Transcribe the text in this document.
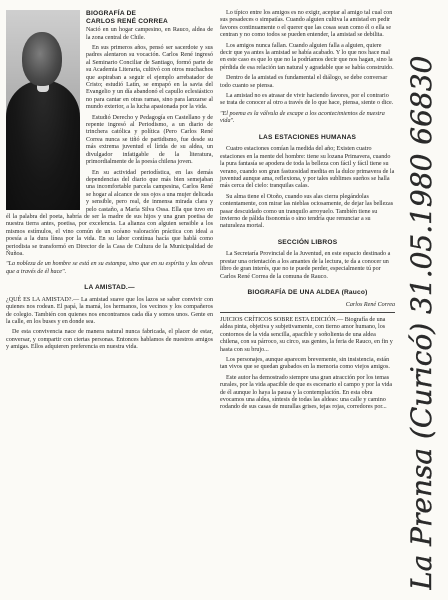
BIOGRAFÍA DE
CARLOS RENÉ CORREA

Nació en un hogar campesino, en Rauco, aldea de la zona central de Chile.

En sus primeros años, pensó ser sacerdote y sus padres alentaron su vocación. Carlos René ingresó al Seminario Conciliar de Santiago, formó parte de su Academia Literaria, cultivó con otros muchachos que aspiraban a seguir el ejemplo arrebatador de Cristo; estudió Latín, se empapó en la savia del Evangelio y un día abandonó el capullo eclesiástico no para cantar en otras ramas, sino para lanzarse al mundo exterior, a la lucha apasionada por la vida.

Estudió Derecho y Pedagogía en Castellano y de repente ingresó al Periodismo, a un diario de trinchera católica y política (Pero Carlos René Correa nunca se tiñó de partidismo, fue desde su más extrema juventud el lírida de su aldea, un divulgador infatigable de la literatura, primordialmente de la poesía chilena joven.

En su actividad periodística, en las demás dependencias del diario que más bien semejaban una incomfortable parcela campesina, Carlos René se hogar al alcance de sus ojos a una mujer delicada y sensible, pero real, de inmensa mirada clara y pelo castaño, a María Silva Ossa. Ella que tuvo en él la palabra del poeta, habría de ser la madre de sus hijos y una gran poetisa de nuestra tierra antes, poetisa, por excelencia. La alianza con alguien sensible a los mismos estímulos, el vino común de un océano valoración práctica con ideal a poesía a la dura línea por la vida. En su labor contínua hacía que hablá como periodista se transformó en Director de la Casa de Cultura de la Municipalidad de Ñuñoa.

"La nobleza de un hombre se está en su estampa, sino que en su espíritu y las obras que a través de él hace".

LA AMISTAD.—

¿QUÉ ES LA AMISTAD?.— La amistad suave que los lazos se saber convivir con quienes nos rodean. El papá, la mamá, los hermanos, los vecinos y los compañeros de colegio. También con quienes nos encontramos cada día y somos unos. Gente en la calle, en los buses y en donde sea.

De esta convivencia nace de manera natural nunca fabricada, el placer de estar, conversar, y compartir con ciertas personas. Entonces hablamos de nuestros amigos y amigas. Ellos adquieren preferencia en nuestra vida.

Lo típico entre los amigos es no exigir, aceptar al amigo tal cual con sus pesadeces o simpatías. Cuando alguien cultiva la amistad en pedir favores continuamente o el querer que las cosas sean como él o ella se centran y no como todos se pueden entender, la amistad se debilita.

Los amigos nunca fallan. Cuando alguien falla a alguien, quiere decir que ya antes la amistad se había acabado. Y lo que nos hace mal en este caso es que lo que no la podríamos decir que nos hagan, sino la pérdida de esa relación tan natural y agradable que se había construido.

Dentro de la amistad es fundamental el diálogo, se debe conversar todo cuanto se piensa.

La amistad no es atrasar de vivir haciendo favores, por el contrario se trata de conocer al otro a través de lo que hace, piensa, siente o dice.

"El poema es la válvula de escape a los acontecimientos de nuestra vida".

LAS ESTACIONES HUMANAS

Cuatro estaciones comían la medida del año; Existen cuatro estaciones en la mente del hombre: tiene su lozana Primavera, cuando la pura fantasía se apodera de toda la belleza con fácil y fácil tiene su verano, cuando son gran fastuosidad medita en la dulce primavera de la juventud aunque ama, reflexiona, y por tales sublimes sueños se halla más cerca del cielo: tranquilas calas.

Su alma tiene el Otoño, cuando sus alas cierra plegándolas contentamente, con mirar las nieblas ociosamente, de dejar las bellezas pasar descuidado como un tranquilo arroyuelo. También tiene su invierno de pálida fisonomía o sino tendría que renunciar a su naturaleza mortal.

SECCIÓN LIBROS

La Secretaría Provincial de la Juventud, en este espacio destinado a prestar una orientación a los amantes de la lectura, te da a conocer un libro de gran interés, que no te puede perder, especialmente tú por Carlos René Correa de la comuna de Rauco.

BIOGRAFÍA DE UNA ALDEA (Rauco)
Carlos René Correa

JUICIOS CRÍTICOS SOBRE ESTA EDICIÓN.— Biografía de una aldea pinta, objetiva y subjetivamente, con tierno amor humano, los contornos de la vida sencilla, apacible y soñolienta de una aldea chilena, con su párroco, su circo, sus gentes, la feria de Rauco, en fin y hasta con su brujo...

Los personajes, aunque aparecen brevemente, sin insistencia, están tan vivos que se quedan grabados en la memoria como viejos amigos.

Este autor ha demostrado siempre una gran atracción por los temas rurales, por la vida apacible de que es escenario el campo y por la vida de él aunque lo haya la pausa y la contemplación. En esta obra evocamos una aldea, síntesis de todas las aldeas: una calle y camino rodando de sus casas de murallas grises, tejas rojas, corredores por... La Prensa (Curicó) 31.05.1980 66830
